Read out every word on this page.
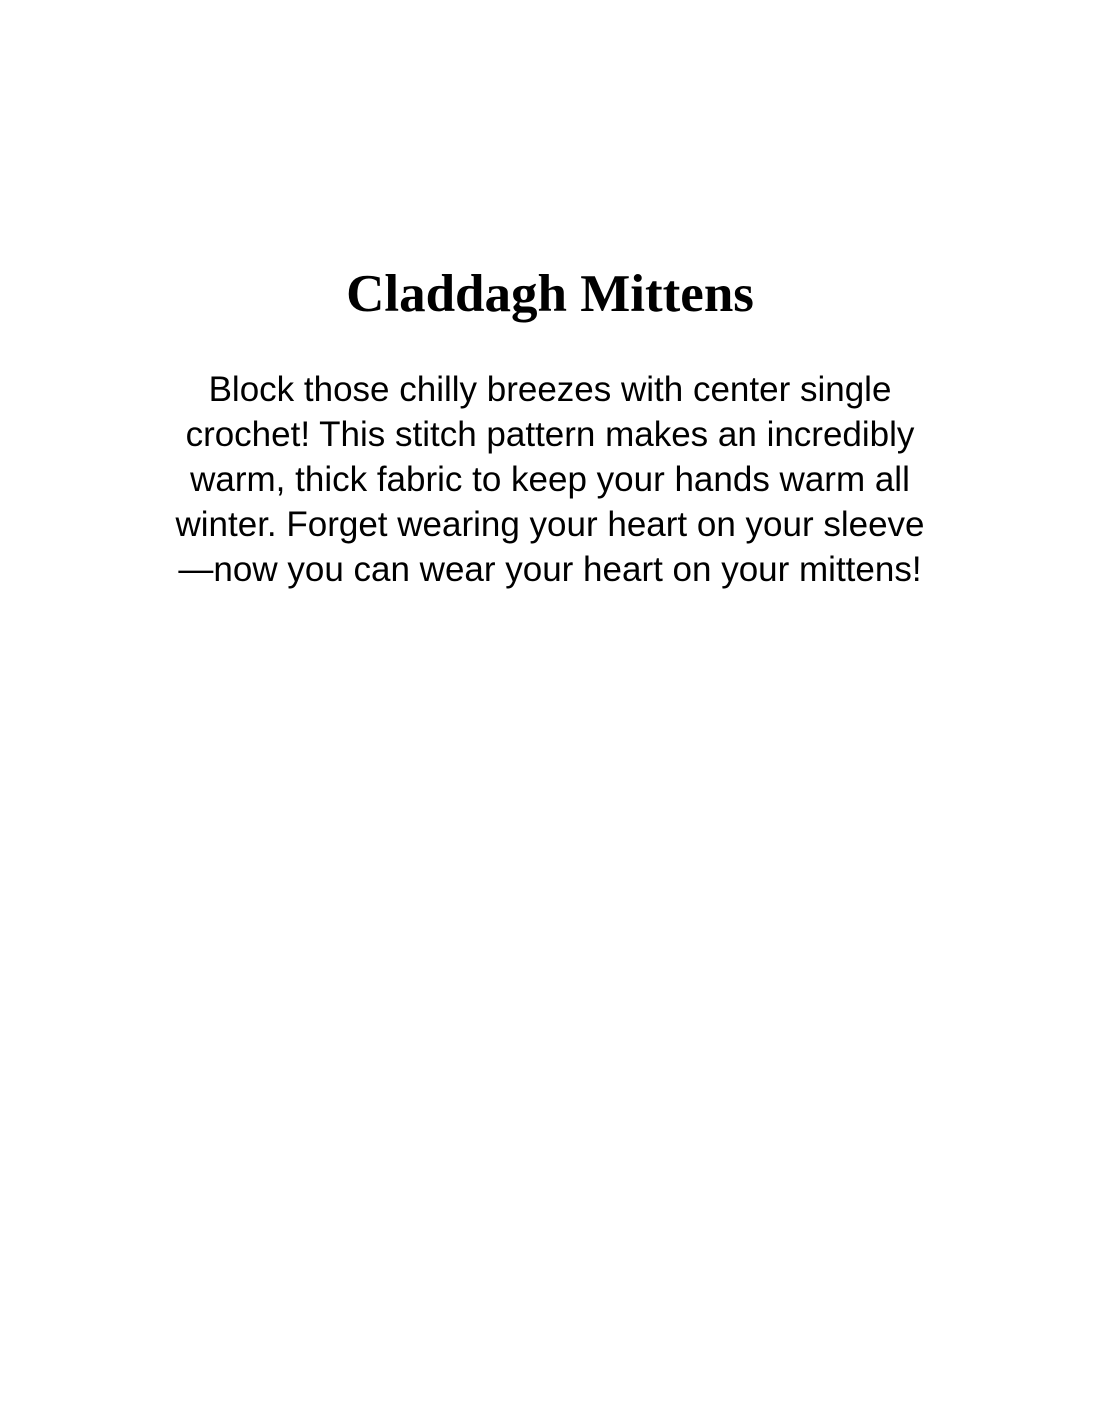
Claddagh Mittens

Block those chilly breezes with center single
crochet! This stitch pattern makes an incredibly
warm, thick fabric to keep your hands warm all
winter. Forget wearing your heart on your sleeve
—now you can wear your heart on your mittens!
